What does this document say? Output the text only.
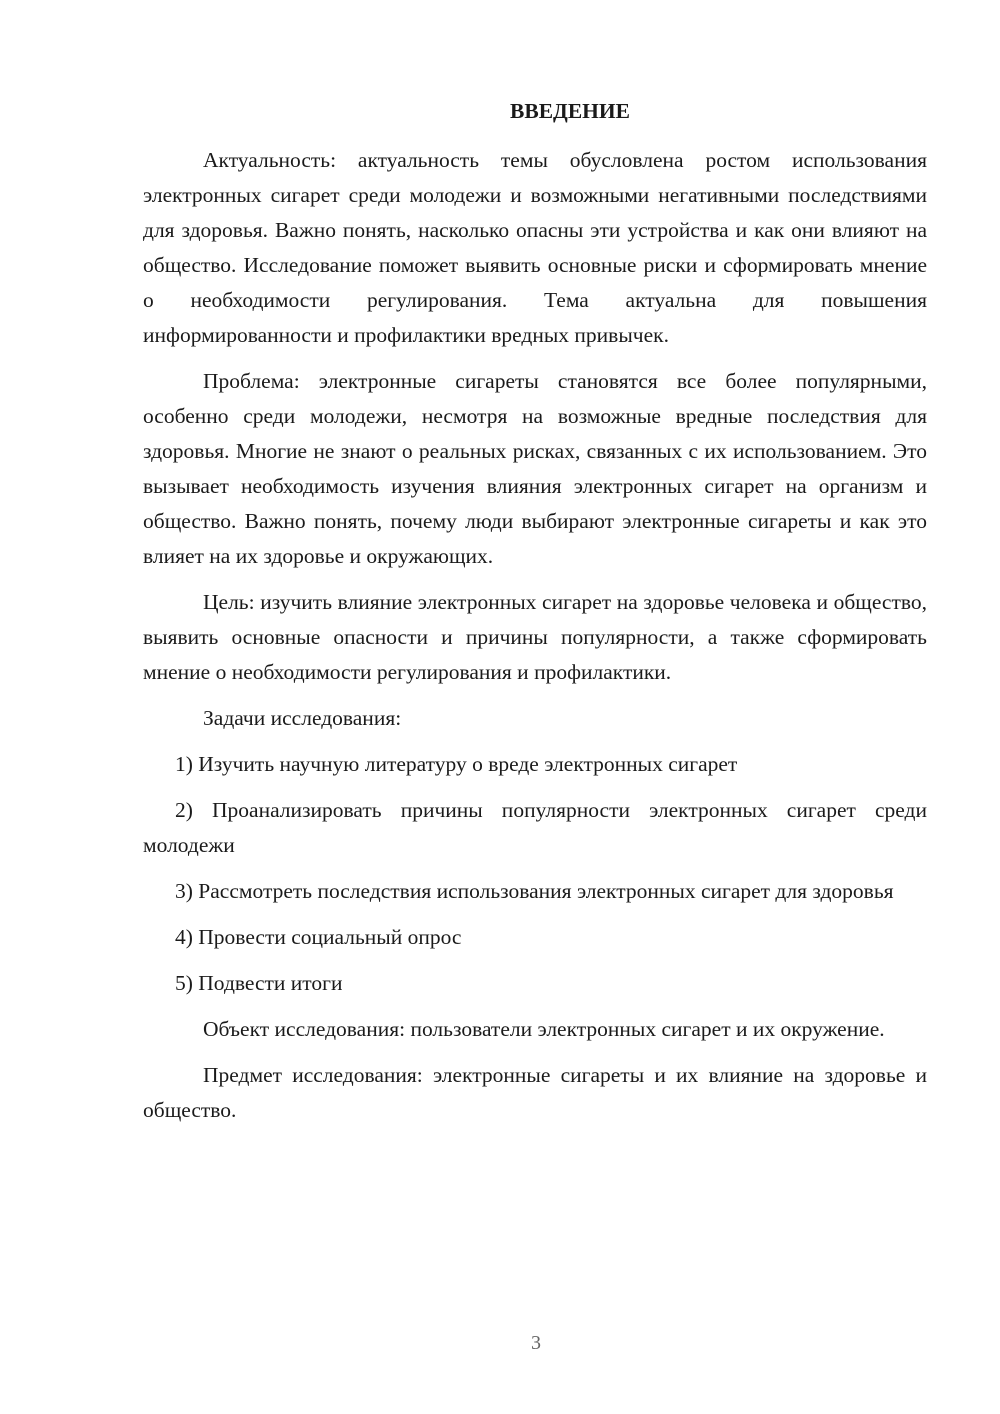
ВВЕДЕНИЕ

Актуальность: актуальность темы обусловлена ростом использования электронных сигарет среди молодежи и возможными негативными последствиями для здоровья. Важно понять, насколько опасны эти устройства и как они влияют на общество. Исследование поможет выявить основные риски и сформировать мнение о необходимости регулирования. Тема актуальна для повышения информированности и профилактики вредных привычек.

Проблема: электронные сигареты становятся все более популярными, особенно среди молодежи, несмотря на возможные вредные последствия для здоровья. Многие не знают о реальных рисках, связанных с их использованием. Это вызывает необходимость изучения влияния электронных сигарет на организм и общество. Важно понять, почему люди выбирают электронные сигареты и как это влияет на их здоровье и окружающих.

Цель: изучить влияние электронных сигарет на здоровье человека и общество, выявить основные опасности и причины популярности, а также сформировать мнение о необходимости регулирования и профилактики.

Задачи исследования:

1) Изучить научную литературу о вреде электронных сигарет

2) Проанализировать причины популярности электронных сигарет среди молодежи

3) Рассмотреть последствия использования электронных сигарет для здоровья

4) Провести социальный опрос

5) Подвести итоги

Объект исследования: пользователи электронных сигарет и их окружение.

Предмет исследования: электронные сигареты и их влияние на здоровье и общество.

3
